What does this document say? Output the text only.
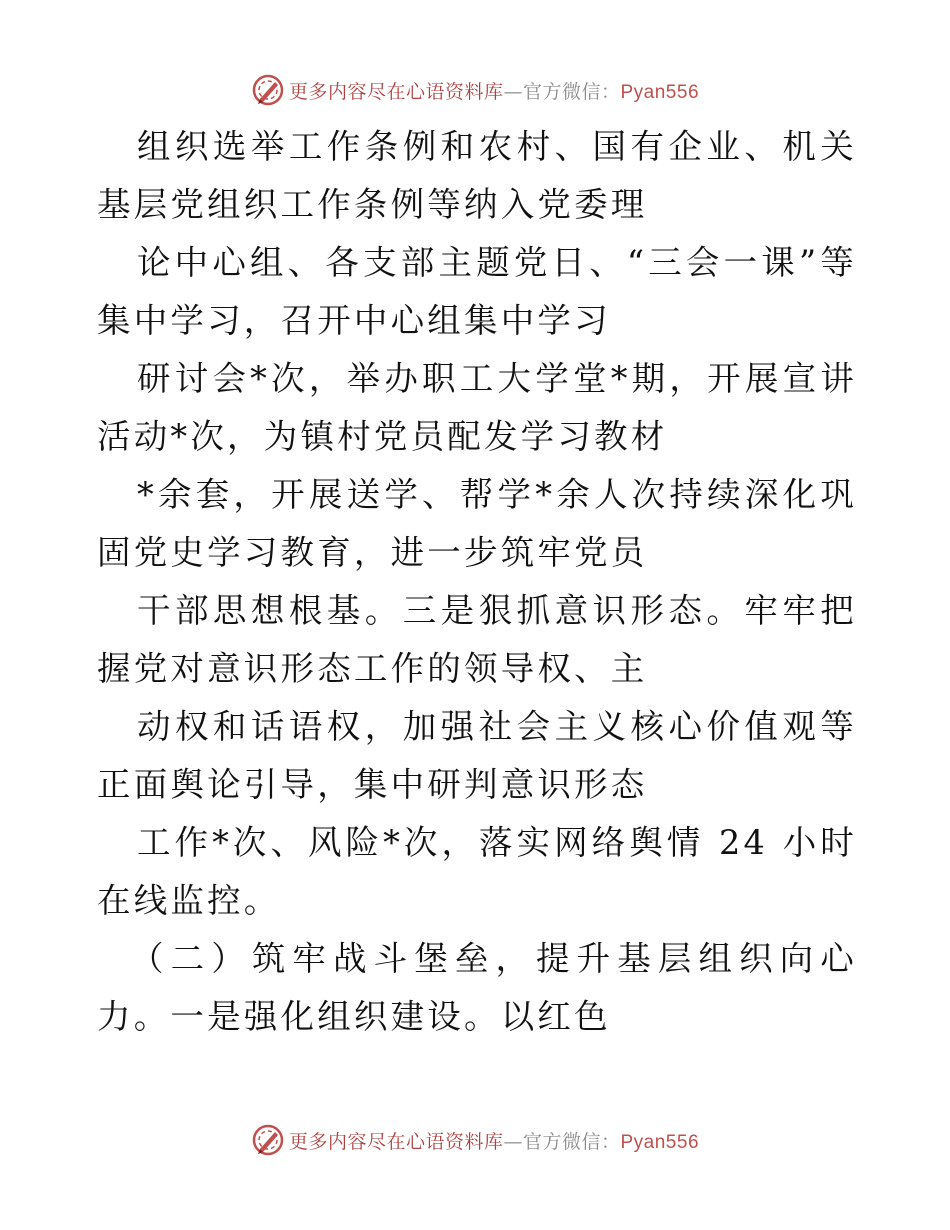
更多内容尽在心语资料库—官方微信：Pyan556

组织选举工作条例和农村、国有企业、机关基层党组织工作条例等纳入党委理

论中心组、各支部主题党日、“三会一课”等集中学习，召开中心组集中学习

研讨会*次，举办职工大学堂*期，开展宣讲活动*次，为镇村党员配发学习教材

*余套，开展送学、帮学*余人次持续深化巩固党史学习教育，进一步筑牢党员

干部思想根基。三是狠抓意识形态。牢牢把握党对意识形态工作的领导权、主

动权和话语权，加强社会主义核心价值观等正面舆论引导，集中研判意识形态

工作*次、风险*次，落实网络舆情 24 小时在线监控。

（二）筑牢战斗堡垒，提升基层组织向心力。一是强化组织建设。以红色

更多内容尽在心语资料库—官方微信：Pyan556
